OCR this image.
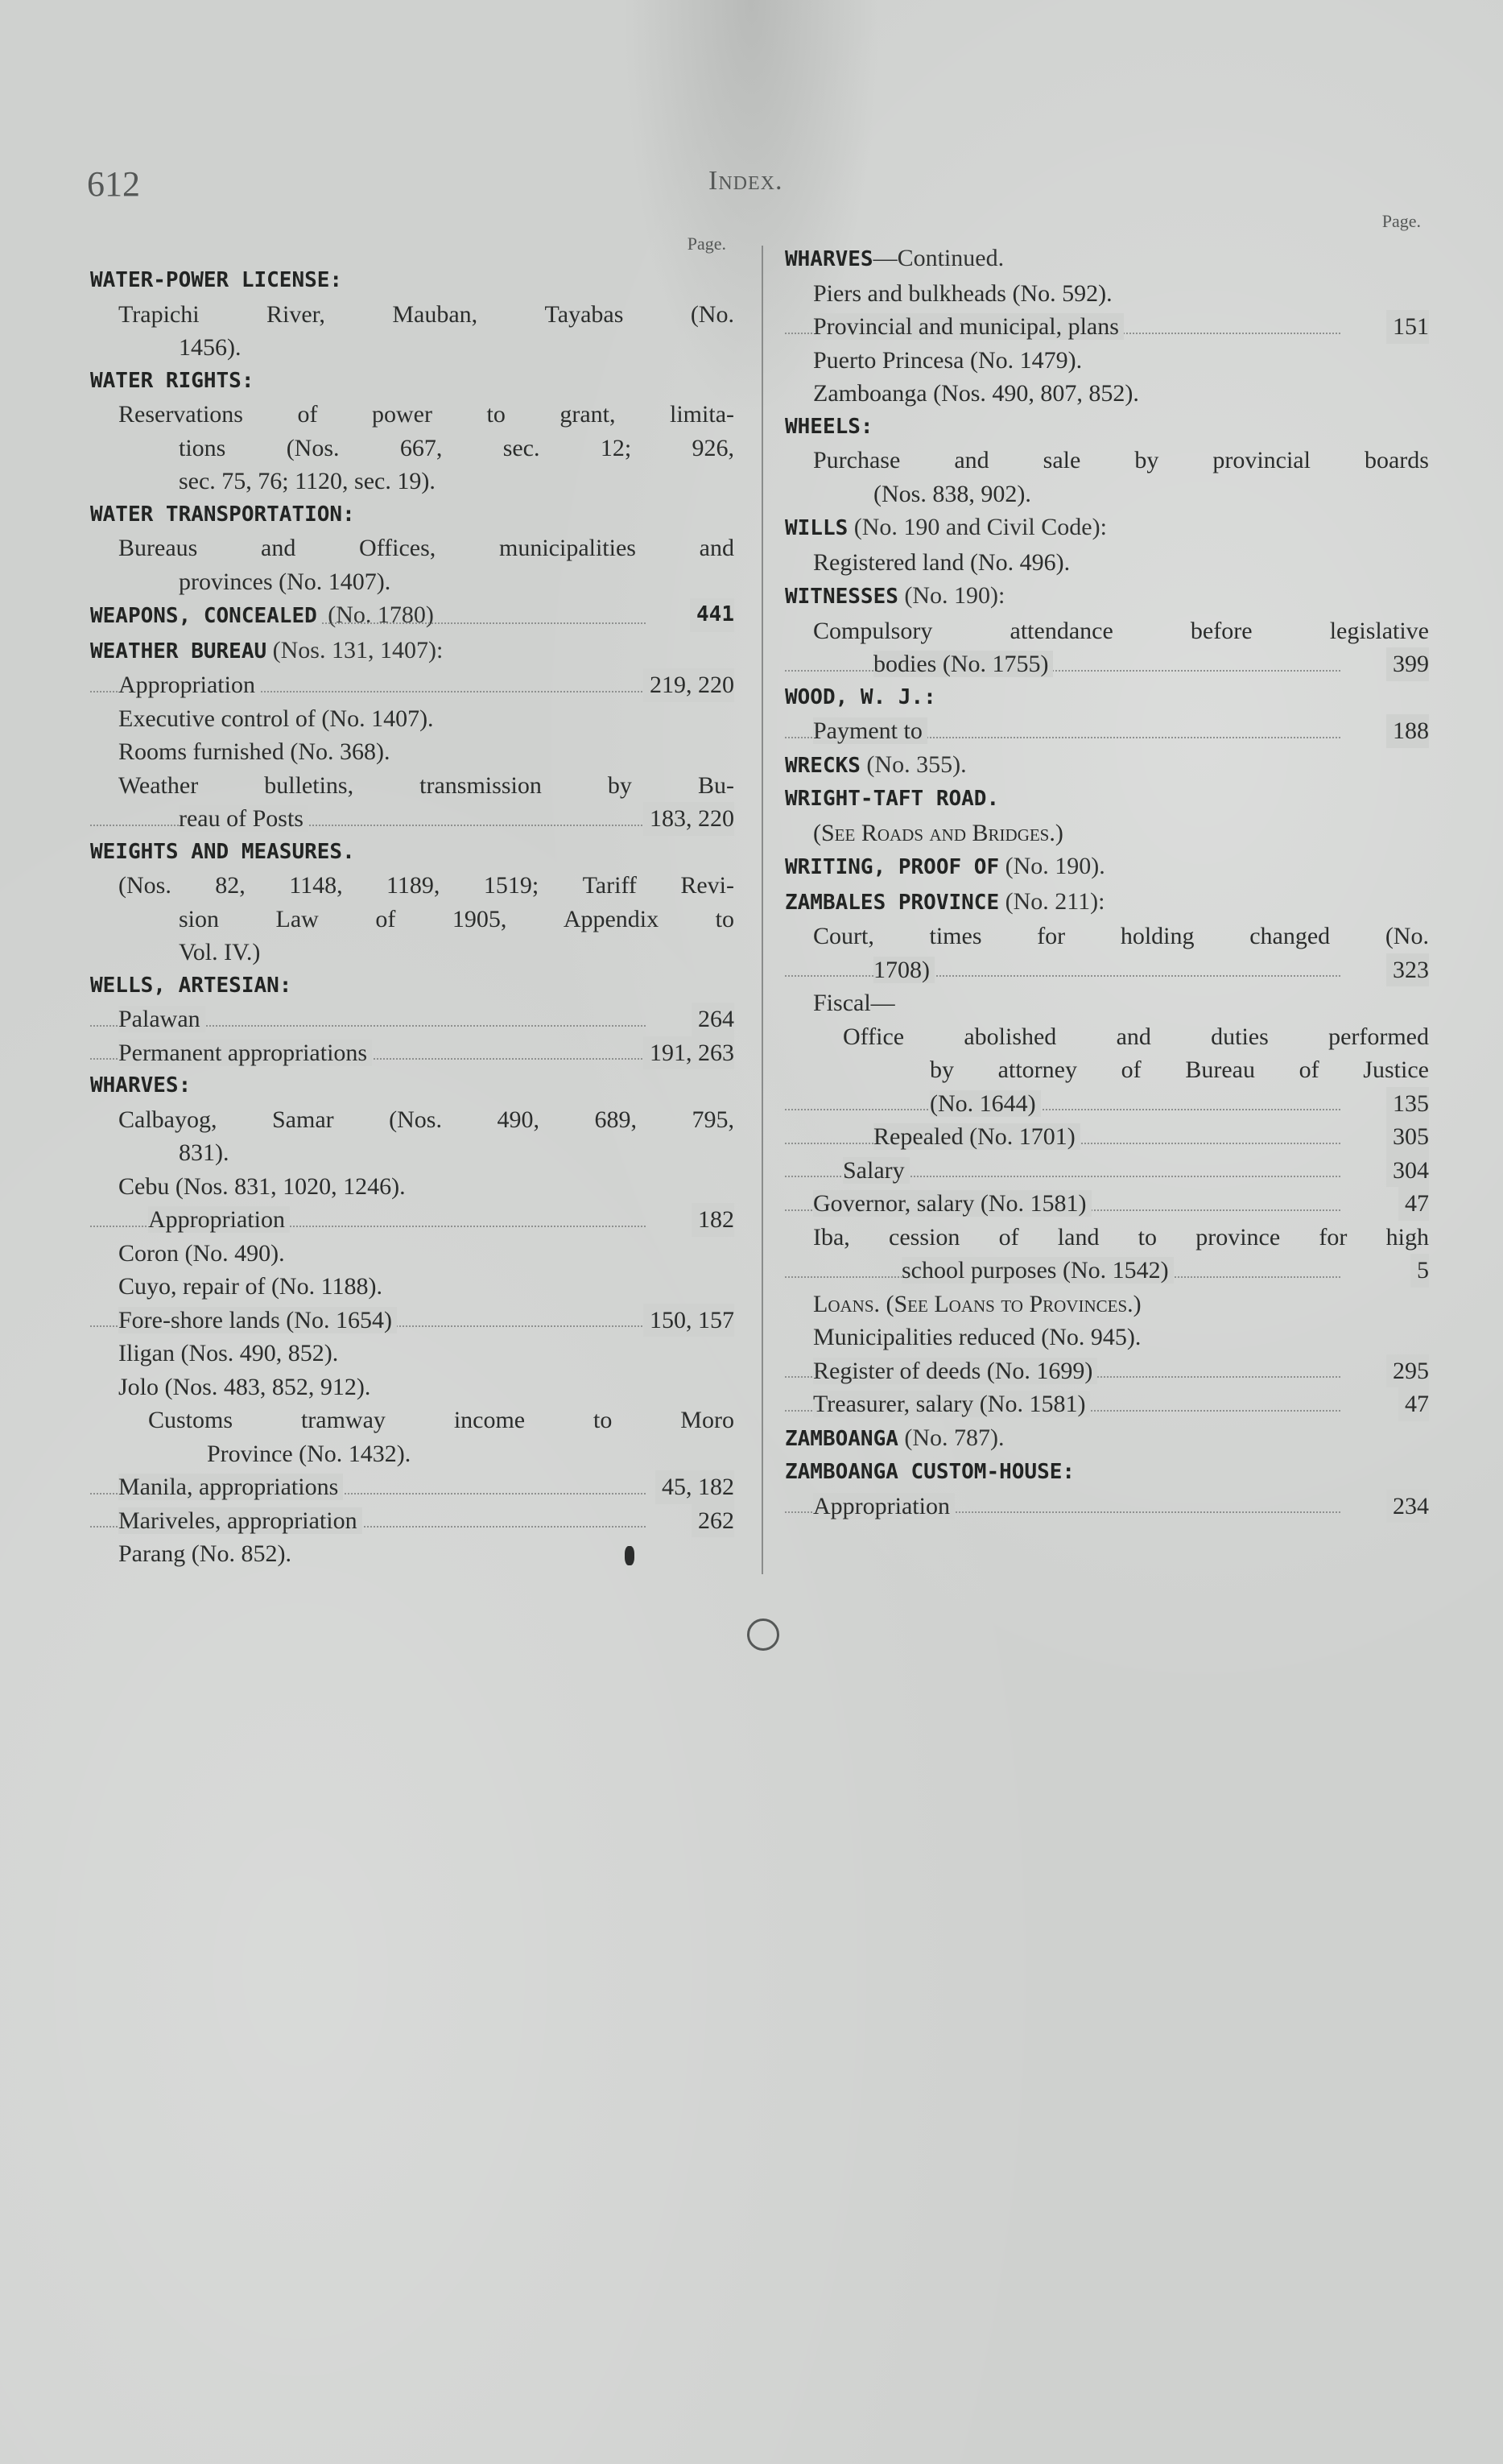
612	Index.
Page.
WATER-POWER LICENSE:
Trapichi	River,	Mauban,	Tayabas	(No.
1456).
WATER RIGHTS:
Reservations of power to grant, limita-
tions	(Nos.	667,	sec.	12;	926,
sec. 75, 76; 1120, sec. 19).
WATER TRANSPORTATION:
Bureaus	and	Offices,	municipalities	and
provinces (No. 1407).
WEAPONS, CONCEALED (No. 1780)	441
WEATHER BUREAU (Nos. 131, 1407):
Appropriation	219, 220
Executive control of (No. 1407).
Rooms furnished (No. 368).
Weather	bulletins,	transmission	by	Bu-
reau of Posts	183, 220
WEIGHTS AND MEASURES.
(Nos. 82, 1148, 1189, 1519; Tariff Revi-
sion Law of 1905, Appendix to
Vol. IV.)
WELLS, ARTESIAN:
Palawan	264
Permanent appropriations	191, 263
WHARVES:
Calbayog, Samar (Nos. 490, 689, 795,
831).
Cebu (Nos. 831, 1020, 1246).
Appropriation	182
Coron (No. 490).
Cuyo, repair of (No. 1188).
Fore-shore lands (No. 1654)	150, 157
Iligan (Nos. 490, 852).
Jolo (Nos. 483, 852, 912).
Customs	tramway	income	to	Moro
Province (No. 1432).
Manila, appropriations	45, 182
Mariveles, appropriation	262
Parang (No. 852).
Page.
WHARVES—Continued.
Piers and bulkheads (No. 592).
Provincial and municipal, plans	151
Puerto Princesa (No. 1479).
Zamboanga (Nos. 490, 807, 852).
WHEELS:
Purchase and sale by provincial boards
(Nos. 838, 902).
WILLS (No. 190 and Civil Code):
Registered land (No. 496).
WITNESSES (No. 190):
Compulsory	attendance	before	legislative
bodies (No. 1755)	399
WOOD, W. J.:
Payment to	188
WRECKS (No. 355).
WRIGHT-TAFT ROAD.
(See Roads and Bridges.)
WRITING, PROOF OF (No. 190).
ZAMBALES PROVINCE (No. 211):
Court, times for holding changed (No.
1708)	323
Fiscal—
Office abolished and duties performed
by attorney of Bureau of Justice
(No. 1644)	135
Repealed (No. 1701)	305
Salary	304
Governor, salary (No. 1581)	47
Iba, cession of land to province for high
school purposes (No. 1542)	5
Loans. (See Loans to Provinces.)
Municipalities reduced (No. 945).
Register of deeds (No. 1699)	295
Treasurer, salary (No. 1581)	47
ZAMBOANGA (No. 787).
ZAMBOANGA CUSTOM-HOUSE:
Appropriation	234
